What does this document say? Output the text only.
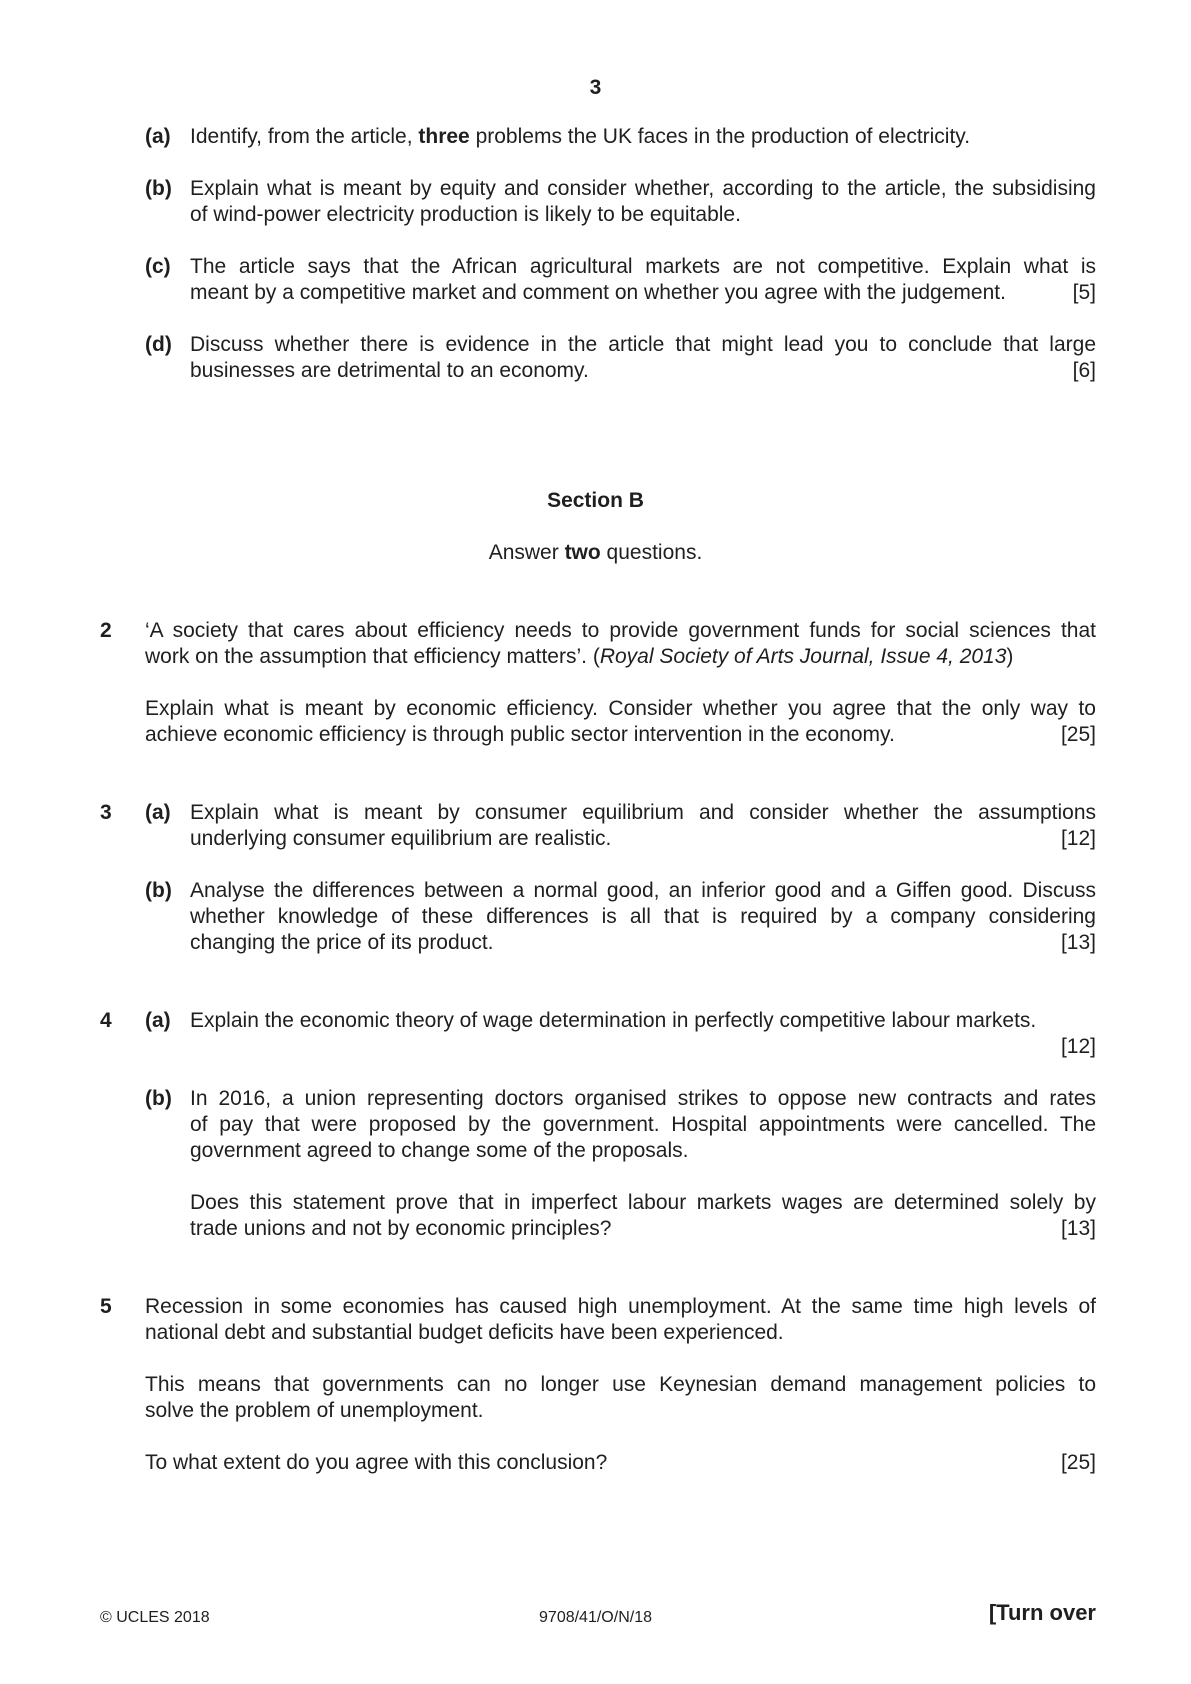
3
(a) Identify, from the article, three problems the UK faces in the production of electricity.
(b) Explain what is meant by equity and consider whether, according to the article, the subsidising
of wind-power electricity production is likely to be equitable.
(c) The article says that the African agricultural markets are not competitive. Explain what is
meant by a competitive market and comment on whether you agree with the judgement.	[5]
(d) Discuss whether there is evidence in the article that might lead you to conclude that large
businesses are detrimental to an economy.	[6]
Section B
Answer two questions.
2 ‘A society that cares about efficiency needs to provide government funds for social sciences that
work on the assumption that efficiency matters’. (Royal Society of Arts Journal, Issue 4, 2013)
Explain what is meant by economic efficiency. Consider whether you agree that the only way to
achieve economic efficiency is through public sector intervention in the economy.	[25]
3 (a) Explain what is meant by consumer equilibrium and consider whether the assumptions
underlying consumer equilibrium are realistic.	[12]
(b) Analyse the differences between a normal good, an inferior good and a Giffen good. Discuss
whether knowledge of these differences is all that is required by a company considering
changing the price of its product.	[13]
4 (a) Explain the economic theory of wage determination in perfectly competitive labour markets.
[12]
(b) In 2016, a union representing doctors organised strikes to oppose new contracts and rates
of pay that were proposed by the government. Hospital appointments were cancelled. The
government agreed to change some of the proposals.
Does this statement prove that in imperfect labour markets wages are determined solely by
trade unions and not by economic principles?	[13]
5 Recession in some economies has caused high unemployment. At the same time high levels of
national debt and substantial budget deficits have been experienced.
This means that governments can no longer use Keynesian demand management policies to
solve the problem of unemployment.
To what extent do you agree with this conclusion?	[25]
© UCLES 2018	9708/41/O/N/18	[Turn over
